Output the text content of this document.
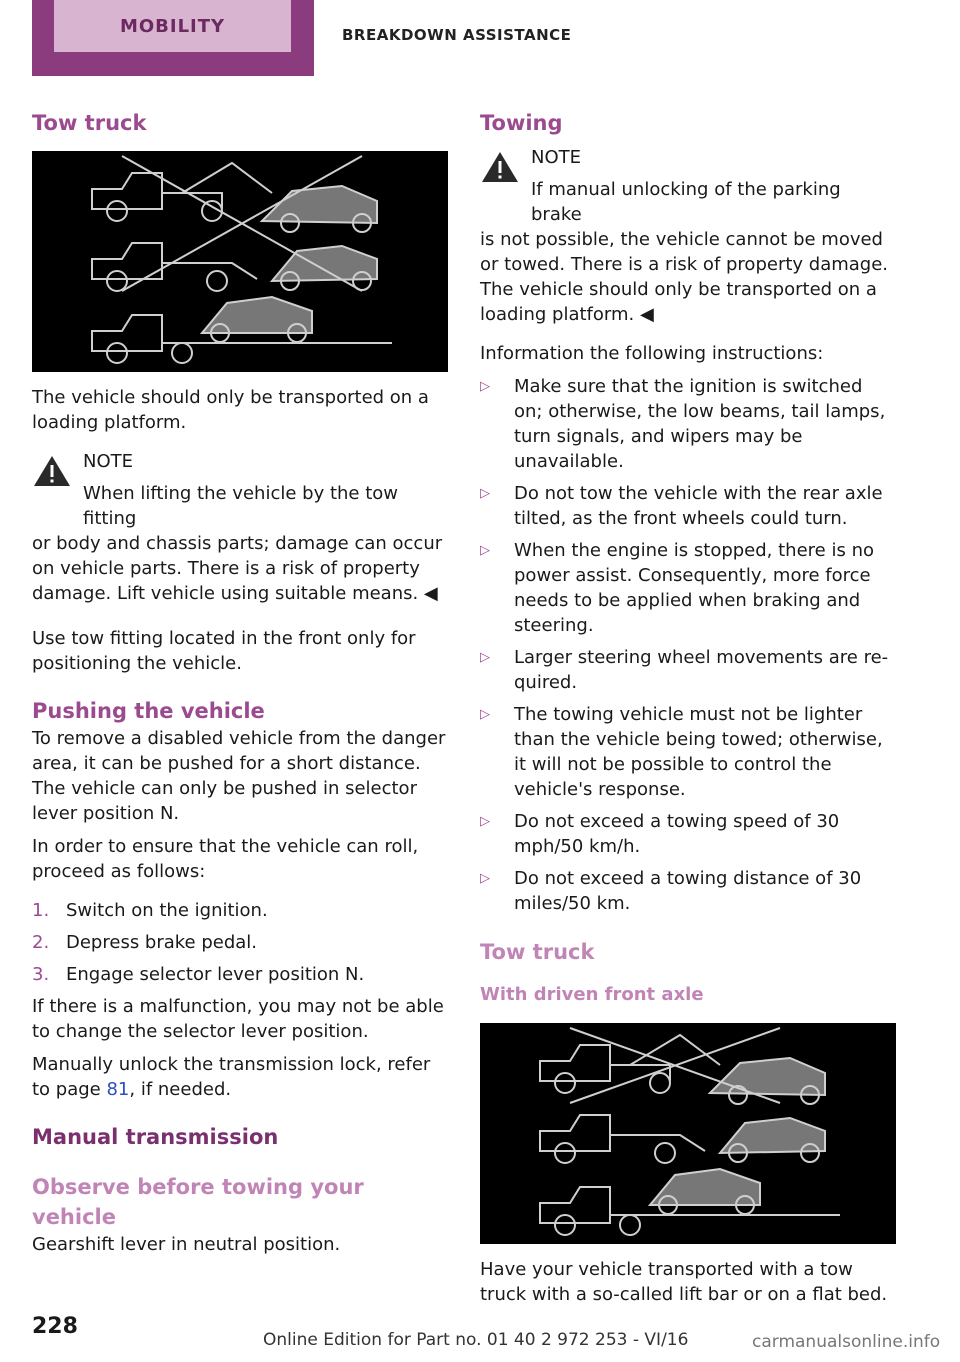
MOBILITY	BREAKDOWN ASSISTANCE
Tow truck

The vehicle should only be transported on a loading platform.

NOTE

When lifting the vehicle by the tow fitting

or body and chassis parts; damage can occur on vehicle parts. There is a risk of property damage. Lift vehicle using suitable means. ◀

Use tow fitting located in the front only for positioning the vehicle.

Pushing the vehicle

To remove a disabled vehicle from the danger area, it can be pushed for a short distance. The vehicle can only be pushed in selector lever position N.

In order to ensure that the vehicle can roll, proceed as follows:

1. Switch on the ignition.
2. Depress brake pedal.
3. Engage selector lever position N.

If there is a malfunction, you may not be able to change the selector lever position.

Manually unlock the transmission lock, refer to page 81, if needed.

Manual transmission
Observe before towing your vehicle

Gearshift lever in neutral position.

Towing
NOTE

If manual unlocking of the parking brake

is not possible, the vehicle cannot be moved or towed. There is a risk of property damage. The vehicle should only be transported on a loading platform. ◀

Information the following instructions:

▷	Make sure that the ignition is switched on; otherwise, the low beams, tail lamps, turn signals, and wipers may be unavailable.
▷	Do not tow the vehicle with the rear axle tilted, as the front wheels could turn.
▷	When the engine is stopped, there is no power assist. Consequently, more force needs to be applied when braking and steering.
▷	Larger steering wheel movements are required.
▷	The towing vehicle must not be lighter than the vehicle being towed; otherwise, it will not be possible to control the vehicle's response.
▷	Do not exceed a towing speed of 30 mph/50 km/h.
▷	Do not exceed a towing distance of 30 miles/50 km.
Tow truck
With driven front axle

Have your vehicle transported with a tow truck with a so-called lift bar or on a flat bed.

228
Online Edition for Part no. 01 40 2 972 253 - VI/16	carmanualsonline.info
